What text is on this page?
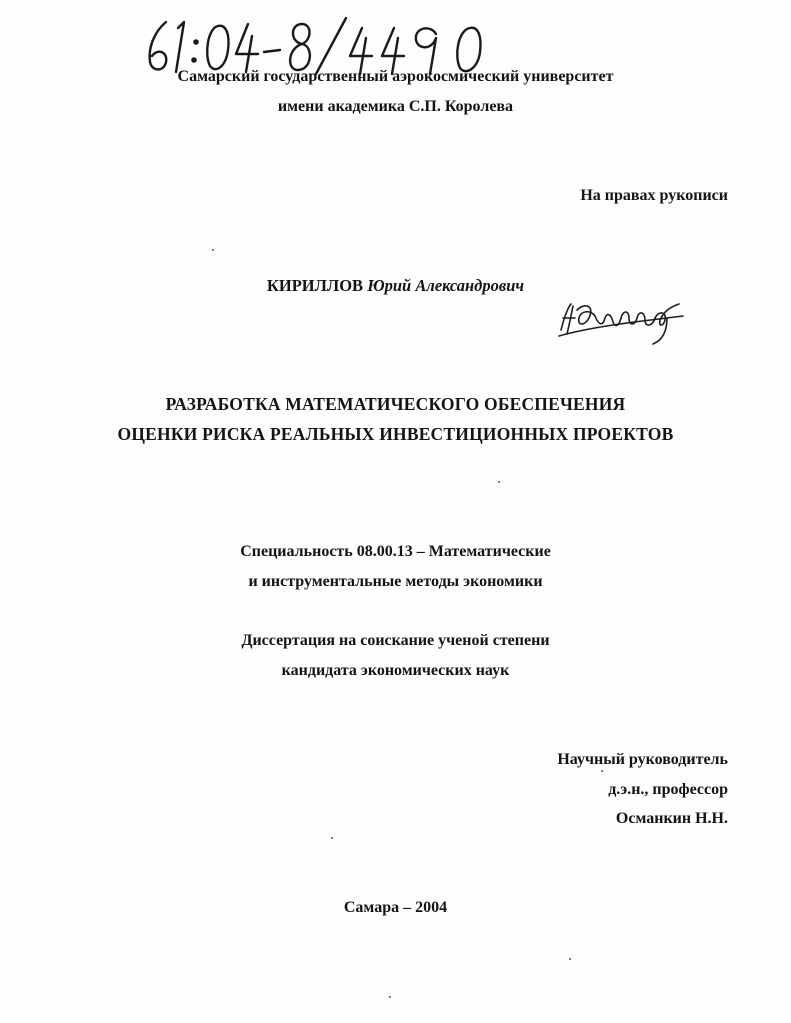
Самарский государственный аэрокосмический университет
имени академика С.П. Королева
На правах рукописи
КИРИЛЛОВ Юрий Александрович
РАЗРАБОТКА МАТЕМАТИЧЕСКОГО ОБЕСПЕЧЕНИЯ
ОЦЕНКИ РИСКА РЕАЛЬНЫХ ИНВЕСТИЦИОННЫХ ПРОЕКТОВ
Специальность 08.00.13 – Математические
и инструментальные методы экономики
Диссертация на соискание ученой степени
кандидата экономических наук
Научный руководитель
д.э.н., профессор
Османкин Н.Н.
Самара – 2004
